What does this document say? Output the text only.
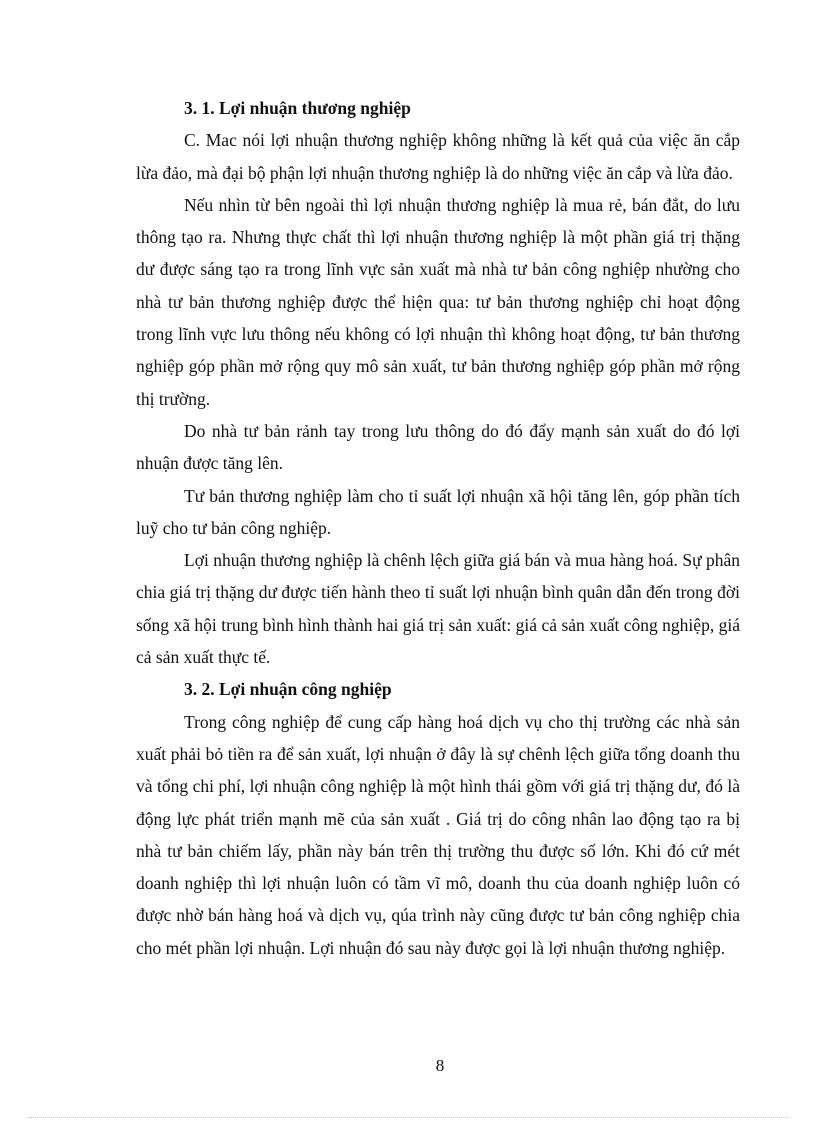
3. 1. Lợi nhuận thương nghiệp

C. Mac nói lợi nhuận thương nghiệp không những là kết quả của việc ăn cắp lừa đảo, mà đại bộ phận lợi nhuận thương nghiệp là do những việc ăn cắp và lừa đảo.

Nếu nhìn từ bên ngoài thì lợi nhuận thương nghiệp là mua rẻ, bán đắt, do lưu thông tạo ra. Nhưng thực chất thì lợi nhuận thương nghiệp là một phần giá trị thặng dư được sáng tạo ra trong lĩnh vực sản xuất mà nhà tư bản công nghiệp nhường cho nhà tư bản thương nghiệp được thể hiện qua: tư bản thương nghiệp chỉ hoạt động trong lĩnh vực lưu thông nếu không có lợi nhuận thì không hoạt động, tư bản thương nghiệp góp phần mở rộng quy mô sản xuất, tư bản thương nghiệp góp phần mở rộng thị trường.

Do nhà tư bản rảnh tay trong lưu thông do đó đẩy mạnh sản xuất do đó lợi nhuận được tăng lên.

Tư bản thương nghiệp làm cho tỉ suất lợi nhuận xã hội tăng lên, góp phần tích luỹ cho tư bản công nghiệp.

Lợi nhuận thương nghiệp là chênh lệch giữa giá bán và mua hàng hoá. Sự phân chia giá trị thặng dư được tiến hành theo tỉ suất lợi nhuận bình quân dẫn đến trong đời sống xã hội trung bình hình thành hai giá trị sản xuất: giá cả sản xuất công nghiệp, giá cả sản xuất thực tế.

3. 2. Lợi nhuận công nghiệp

Trong công nghiệp để cung cấp hàng hoá dịch vụ cho thị trường các nhà sản xuất phải bỏ tiền ra để sản xuất, lợi nhuận ở đây là sự chênh lệch giữa tổng doanh thu và tổng chi phí, lợi nhuận công nghiệp là một hình thái gồm với giá trị thặng dư, đó là động lực phát triển mạnh mẽ của sản xuất . Giá trị do công nhân lao động tạo ra bị nhà tư bản chiếm lấy, phần này bán trên thị trường thu được số lớn. Khi đó cứ mét doanh nghiệp thì lợi nhuận luôn có tầm vĩ mô, doanh thu của doanh nghiệp luôn có được nhờ bán hàng hoá và dịch vụ, qúa trình này cũng được tư bản công nghiệp chia cho mét phần lợi nhuận. Lợi nhuận đó sau này được gọi là lợi nhuận thương nghiệp.

8
